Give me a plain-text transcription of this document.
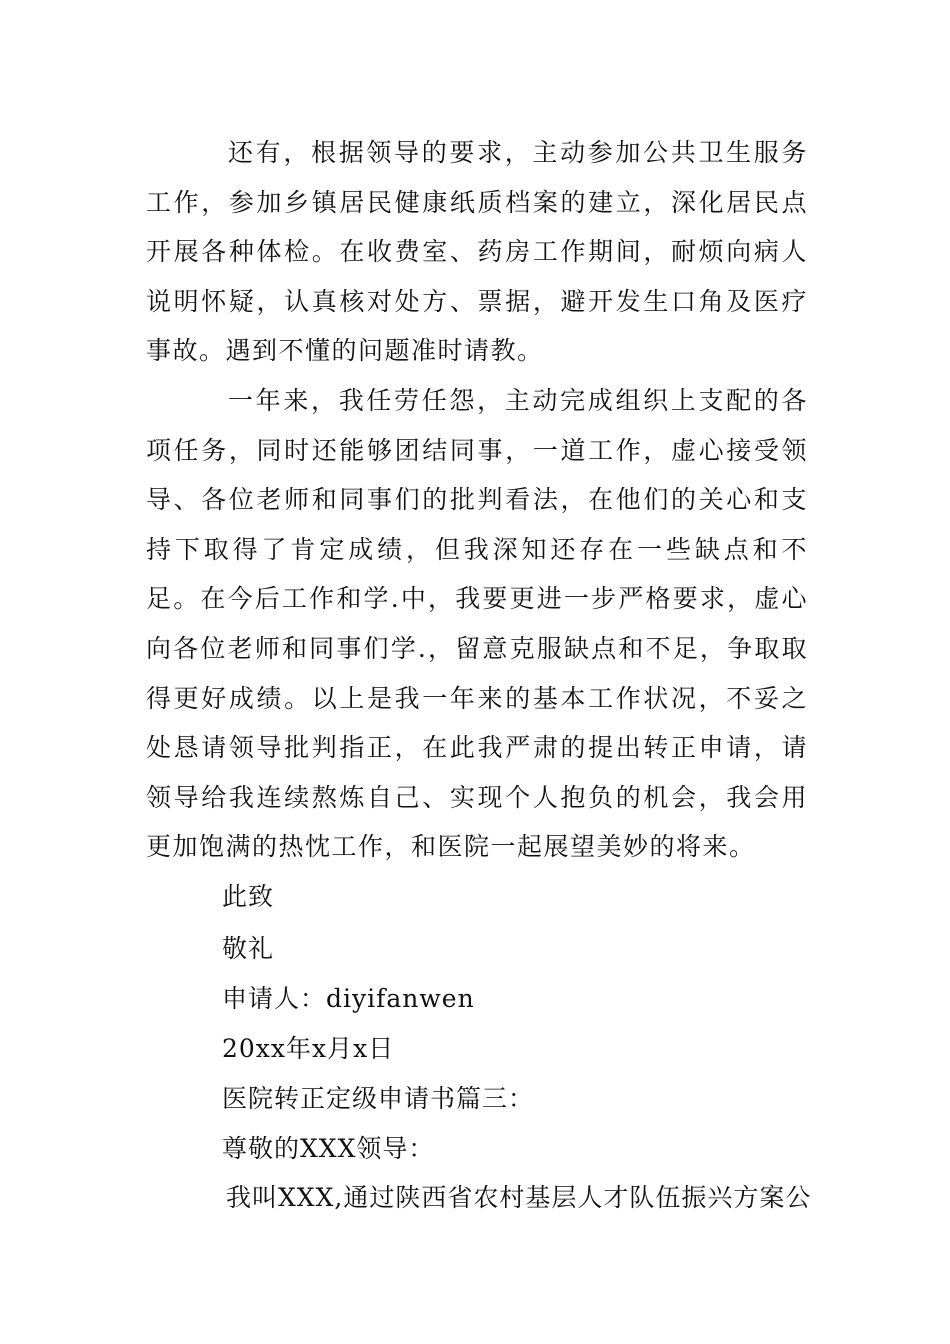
还有，根据领导的要求，主动参加公共卫生服务工作，参加乡镇居民健康纸质档案的建立，深化居民点开展各种体检。在收费室、药房工作期间，耐烦向病人说明怀疑，认真核对处方、票据，避开发生口角及医疗事故。遇到不懂的问题准时请教。

一年来，我任劳任怨，主动完成组织上支配的各项任务，同时还能够团结同事，一道工作，虚心接受领导、各位老师和同事们的批判看法，在他们的关心和支持下取得了肯定成绩，但我深知还存在一些缺点和不足。在今后工作和学.中，我要更进一步严格要求，虚心向各位老师和同事们学.，留意克服缺点和不足，争取取得更好成绩。以上是我一年来的基本工作状况，不妥之处恳请领导批判指正，在此我严肃的提出转正申请，请领导给我连续熬炼自己、实现个人抱负的机会，我会用更加饱满的热忱工作，和医院一起展望美妙的将来。

此致

敬礼

申请人：diyifanwen

20xx年x月x日

医院转正定级申请书篇三：

尊敬的XXX领导：

我叫XXX,通过陕西省农村基层人才队伍振兴方案公
